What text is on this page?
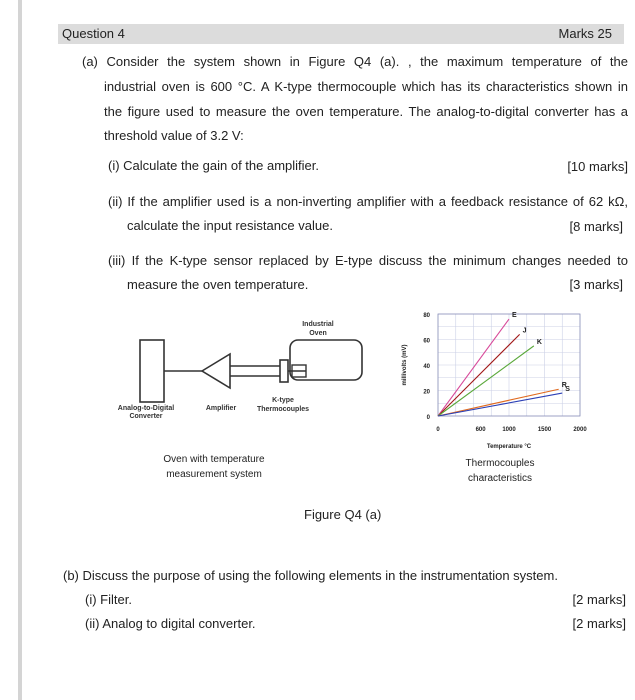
Question 4	Marks 25
(a) Consider the system shown in Figure Q4 (a). , the maximum temperature of the
industrial oven is 600 °C. A K-type thermocouple which has its characteristics shown in
the figure used to measure the oven temperature. The analog-to-digital converter has a
threshold value of 3.2 V:
(i) Calculate the gain of the amplifier.	[10 marks]
(ii) If the amplifier used is a non-inverting amplifier with a feedback resistance of 62 kΩ,
calculate the input resistance value.	[8 marks]
(iii) If the K-type sensor replaced by E-type discuss the minimum changes needed to
measure the oven temperature.	[3 marks]
Industrial
Oven
Analog-to-Digital
Converter
Amplifier
K-type
Thermocouples
Oven with temperature
measurement system
0
20
40
60
80
0	600	1000	1500	2000
millivolts (mV)
Temperature °C
E
J
K
R
S
Thermocouples
characteristics
Figure Q4 (a)
(b) Discuss the purpose of using the following elements in the instrumentation system.
(i) Filter.	[2 marks]
(ii) Analog to digital converter.	[2 marks]
